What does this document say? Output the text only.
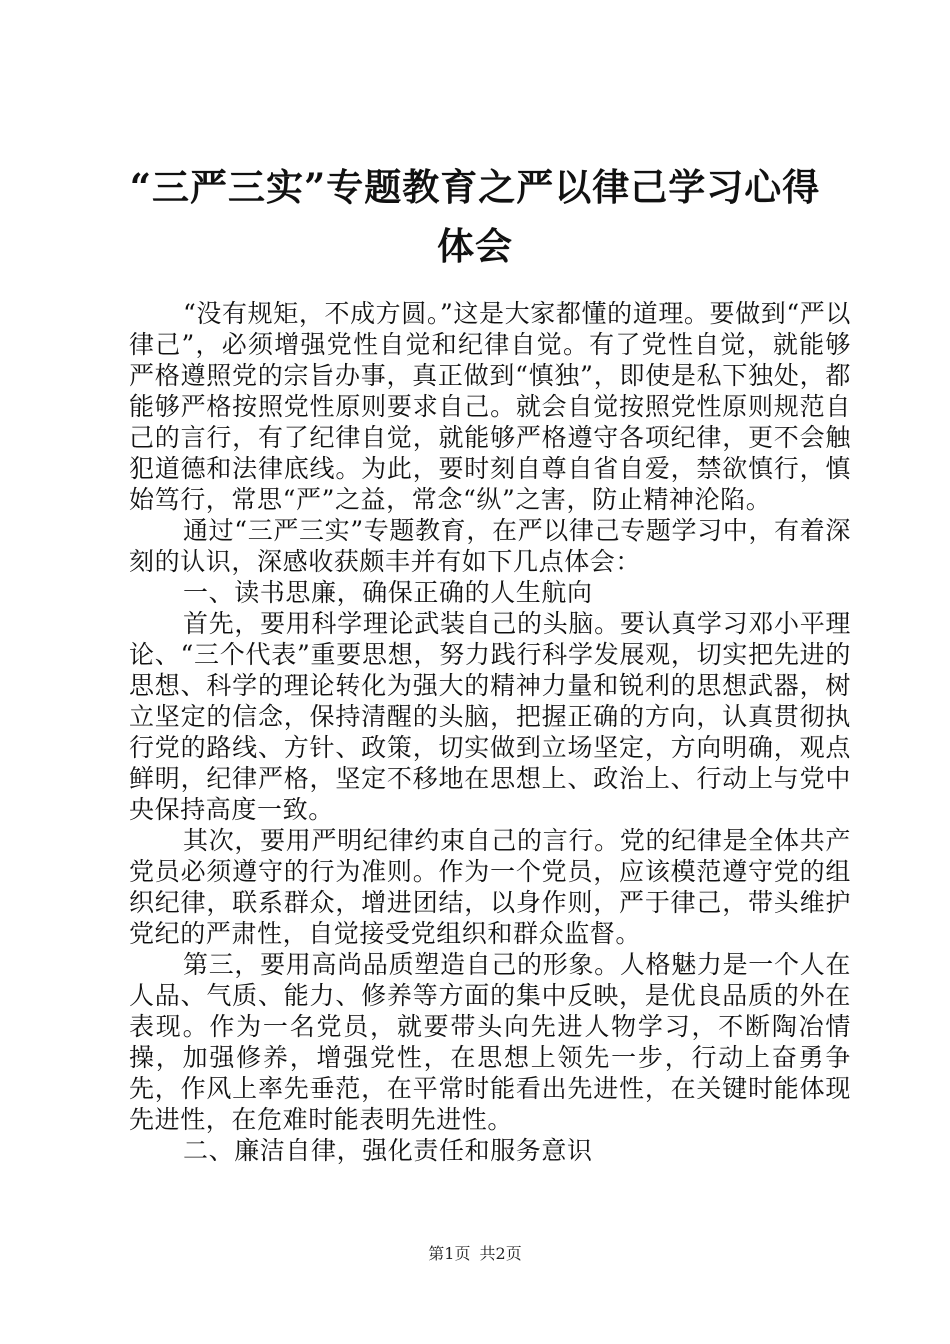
“三严三实”专题教育之严以律己学习心得体会

“没有规矩，不成方圆。”这是大家都懂的道理。要做到“严以律己”，必须增强党性自觉和纪律自觉。有了党性自觉，就能够严格遵照党的宗旨办事，真正做到“慎独”，即使是私下独处，都能够严格按照党性原则要求自己。就会自觉按照党性原则规范自己的言行，有了纪律自觉，就能够严格遵守各项纪律，更不会触犯道德和法律底线。为此，要时刻自尊自省自爱，禁欲慎行，慎始笃行，常思“严”之益，常念“纵”之害，防止精神沦陷。

通过“三严三实”专题教育，在严以律己专题学习中，有着深刻的认识，深感收获颇丰并有如下几点体会：

一、读书思廉，确保正确的人生航向

首先，要用科学理论武装自己的头脑。要认真学习邓小平理论、“三个代表”重要思想，努力践行科学发展观，切实把先进的思想、科学的理论转化为强大的精神力量和锐利的思想武器，树立坚定的信念，保持清醒的头脑，把握正确的方向，认真贯彻执行党的路线、方针、政策，切实做到立场坚定，方向明确，观点鲜明，纪律严格，坚定不移地在思想上、政治上、行动上与党中央保持高度一致。

其次，要用严明纪律约束自己的言行。党的纪律是全体共产党员必须遵守的行为准则。作为一个党员，应该模范遵守党的组织纪律，联系群众，增进团结，以身作则，严于律己，带头维护党纪的严肃性，自觉接受党组织和群众监督。

第三，要用高尚品质塑造自己的形象。人格魅力是一个人在人品、气质、能力、修养等方面的集中反映，是优良品质的外在表现。作为一名党员，就要带头向先进人物学习，不断陶冶情操，加强修养，增强党性，在思想上领先一步，行动上奋勇争先，作风上率先垂范，在平常时能看出先进性，在关键时能体现先进性，在危难时能表明先进性。

二、廉洁自律，强化责任和服务意识

第1页 共2页
